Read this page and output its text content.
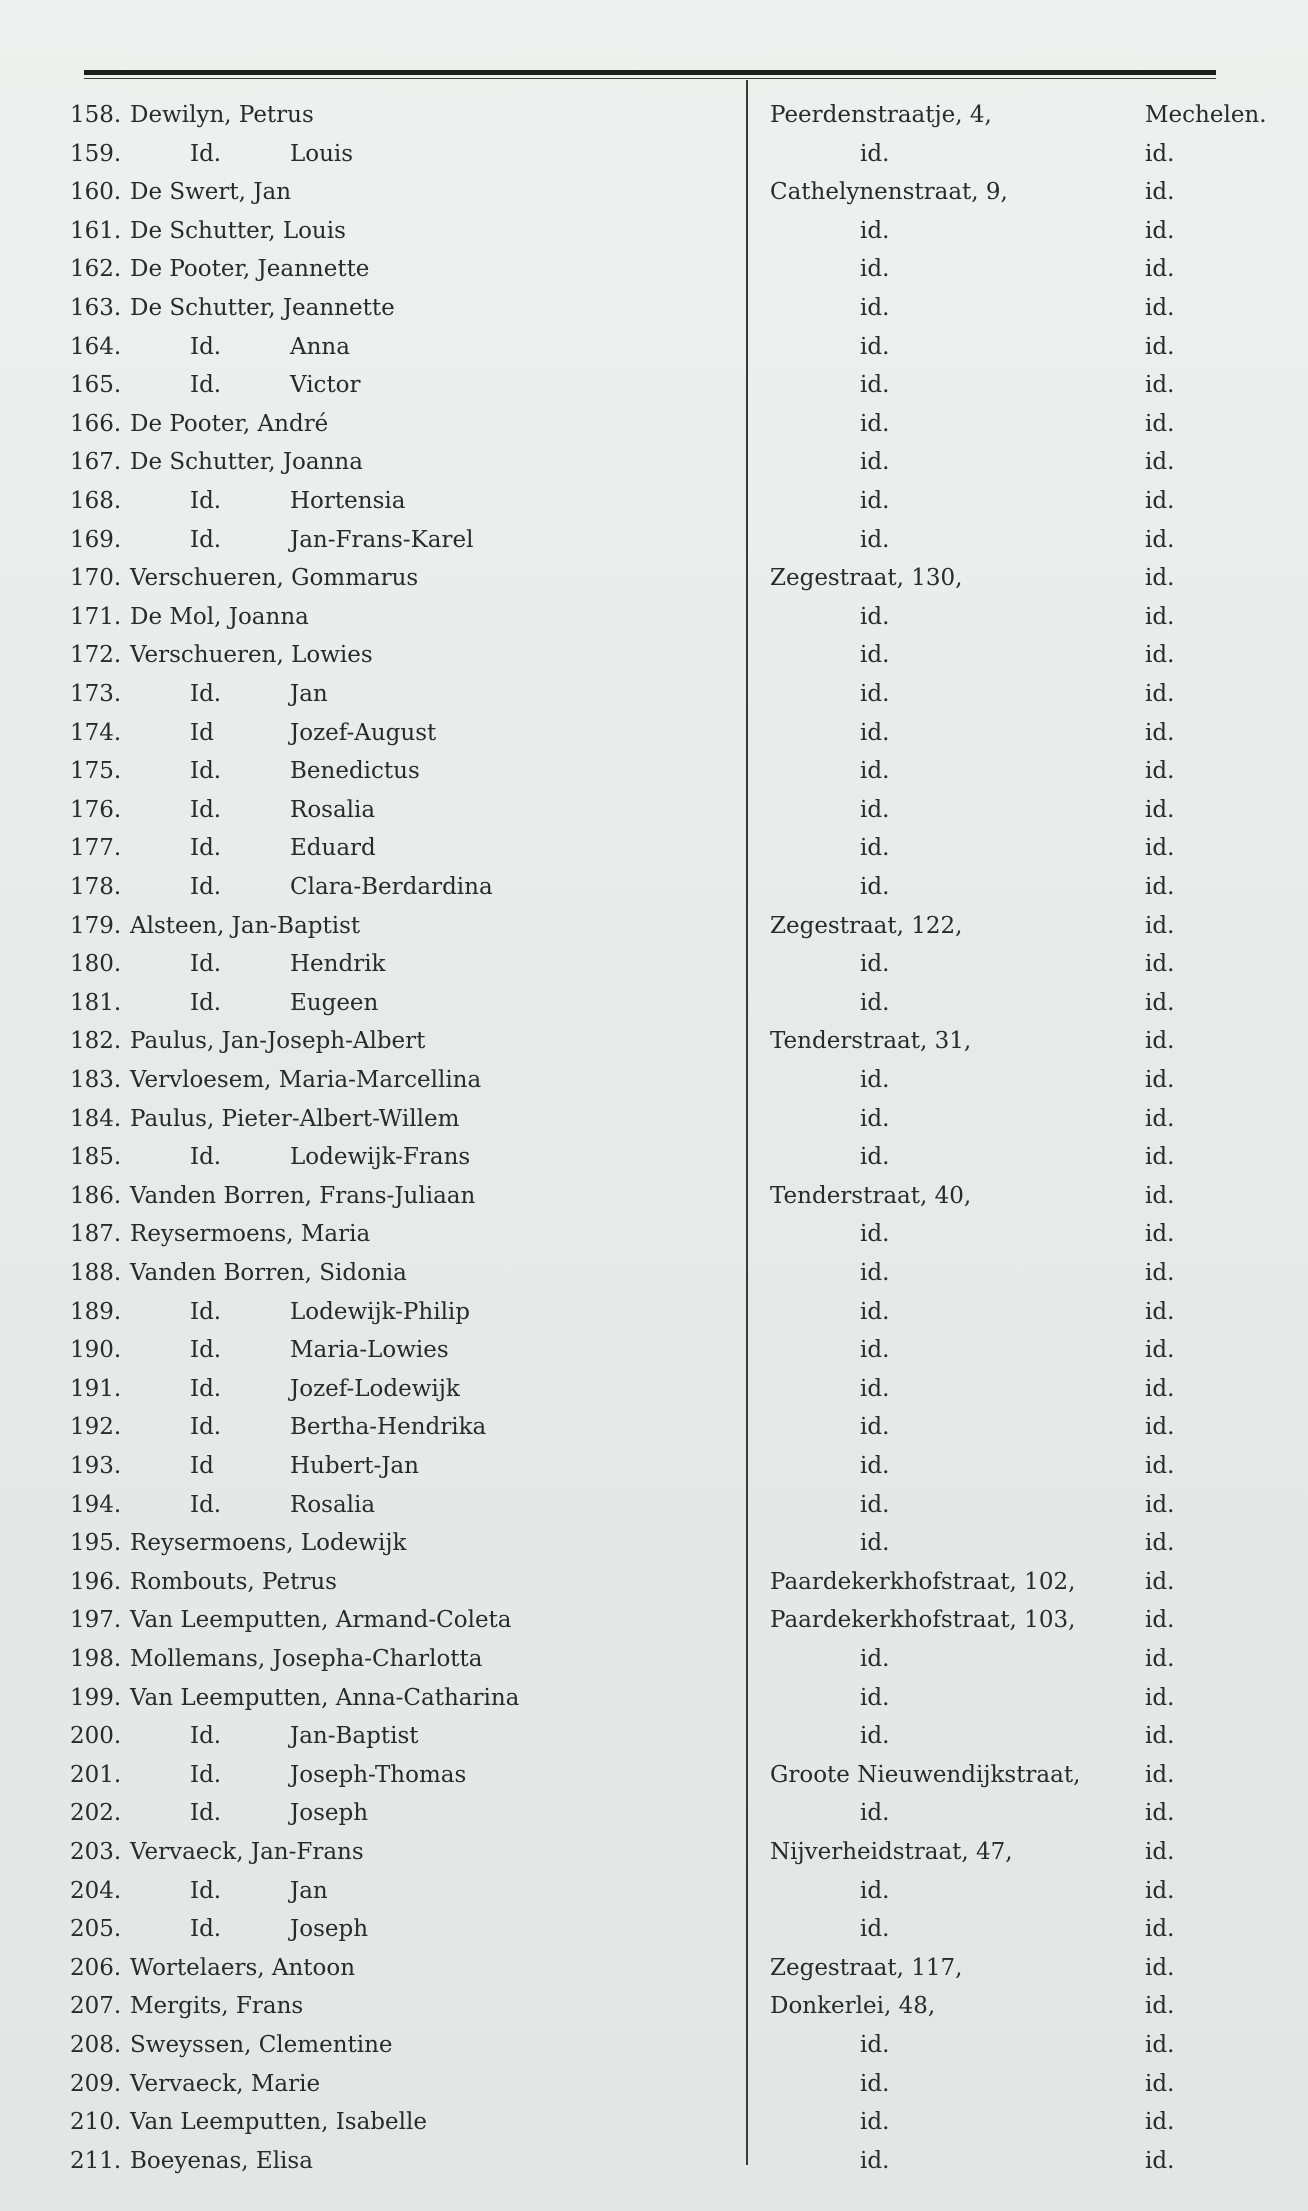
158. Dewilyn, Petrus	Peerdenstraatje, 4,	Mechelen.
159.	Id.	Louis	id.	id.
160. De Swert, Jan	Cathelynenstraat, 9,	id.
161. De Schutter, Louis	id.	id.
162. De Pooter, Jeannette	id.	id.
163. De Schutter, Jeannette	id.	id.
164.	Id.	Anna	id.	id.
165.	Id.	Victor	id.	id.
166. De Pooter, André	id.	id.
167. De Schutter, Joanna	id.	id.
168.	Id.	Hortensia	id.	id.
169.	Id.	Jan-Frans-Karel	id.	id.
170. Verschueren, Gommarus	Zegestraat, 130,	id.
171. De Mol, Joanna	id.	id.
172. Verschueren, Lowies	id.	id.
173.	Id.	Jan	id.	id.
174.	Id	Jozef-August	id.	id.
175.	Id.	Benedictus	id.	id.
176.	Id.	Rosalia	id.	id.
177.	Id.	Eduard	id.	id.
178.	Id.	Clara-Berdardina	id.	id.
179. Alsteen, Jan-Baptist	Zegestraat, 122,	id.
180.	Id.	Hendrik	id.	id.
181.	Id.	Eugeen	id.	id.
182. Paulus, Jan-Joseph-Albert	Tenderstraat, 31,	id.
183. Vervloesem, Maria-Marcellina	id.	id.
184. Paulus, Pieter-Albert-Willem	id.	id.
185.	Id.	Lodewijk-Frans	id.	id.
186. Vanden Borren, Frans-Juliaan	Tenderstraat, 40,	id.
187. Reysermoens, Maria	id.	id.
188. Vanden Borren, Sidonia	id.	id.
189.	Id.	Lodewijk-Philip	id.	id.
190.	Id.	Maria-Lowies	id.	id.
191.	Id.	Jozef-Lodewijk	id.	id.
192.	Id.	Bertha-Hendrika	id.	id.
193.	Id	Hubert-Jan	id.	id.
194.	Id.	Rosalia	id.	id.
195. Reysermoens, Lodewijk	id.	id.
196. Rombouts, Petrus	Paardekerkhofstraat, 102,	id.
197. Van Leemputten, Armand-Coleta	Paardekerkhofstraat, 103,	id.
198. Mollemans, Josepha-Charlotta	id.	id.
199. Van Leemputten, Anna-Catharina	id.	id.
200.	Id.	Jan-Baptist	id.	id.
201.	Id.	Joseph-Thomas	Groote Nieuwendijkstraat,	id.
202.	Id.	Joseph	id.	id.
203. Vervaeck, Jan-Frans	Nijverheidstraat, 47,	id.
204.	Id.	Jan	id.	id.
205.	Id.	Joseph	id.	id.
206. Wortelaers, Antoon	Zegestraat, 117,	id.
207. Mergits, Frans	Donkerlei, 48,	id.
208. Sweyssen, Clementine	id.	id.
209. Vervaeck, Marie	id.	id.
210. Van Leemputten, Isabelle	id.	id.
211. Boeyenas, Elisa	id.	id.
